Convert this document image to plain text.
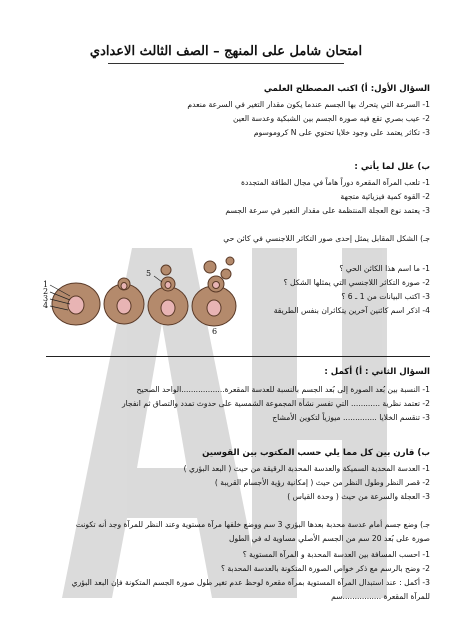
امتحان شامل على المنهج – الصف الثالث الاعدادي
السؤال الأول: أ) اكتب المصطلح العلمي
1- السرعة التي يتحرك بها الجسم عندما يكون مقدار التغير في السرعة منعدم
2- عيب بصري تقع فيه صورة الجسم بين الشبكية وعدسة العين
3- تكاثر يعتمد على وجود خلايا تحتوي على N كروموسوم
ب) علل لما يأتي :
1- تلعب المرآة المقعرة دوراً هاماً في مجال الطاقة المتجددة
2- القوة كمية فيزيائية متجهة
3- يعتمد نوع العجلة المنتظمة على مقدار التغير في سرعة الجسم
جـ) الشكل المقابل يمثل إحدى صور التكاثر اللاجنسي في كائن حي
1- ما اسم هذا الكائن الحي ؟
2- صورة التكاثر اللاجنسي التي يمثلها الشكل ؟
3- اكتب البيانات من 1 ـ 6 ؟
4- اذكر اسم كائنين آخرين يتكاثران بنفس الطريقة
السؤال الثاني : أ) أكمل :
1- النسبة بين بُعد الصورة إلى بُعد الجسم بالنسبة للعدسة المقعرة..................الواحد الصحيح
2- تعتمد نظرية ............ التي تفسر نشأة المجموعة الشمسية على حدوث تمدد والتصاق ثم انفجار
3- تنقسم الخلايا .............. ميوزياً لتكوين الأمشاج
ب) قارن بين كل مما يلي حسب المكتوب بين القوسين
1- العدسة المحدبة السميكة والعدسة المحدبة الرقيقة من حيث ( البعد البؤري )
2- قصر النظر وطول النظر من حيث ( إمكانية رؤية الأجسام القريبة )
3- العجلة والسرعة من حيث ( وحدة القياس )
جـ) وضع جسم أمام عدسة محدبة بعدها البؤري 3 سم ووضع خلفها مرآة مستوية وعند النظر للمرآة وجد أنه تكونت
صورة على بُعد 20 سم من الجسم الأصلي مساوية له في الطول
1- احسب المسافة بين العدسة المحدبة و المرآة المستوية ؟
2- وضح بالرسم مع ذكر خواص الصورة المتكونة بالعدسة المحدبة ؟
3- أكمل : عند استبدال المرآة المستوية بمرآة مقعرة لوحظ عدم تغير طول صورة الجسم المتكونة فإن البعد البؤري
للمرآة المقعرة ................سم
1
2
3
4
5
6
